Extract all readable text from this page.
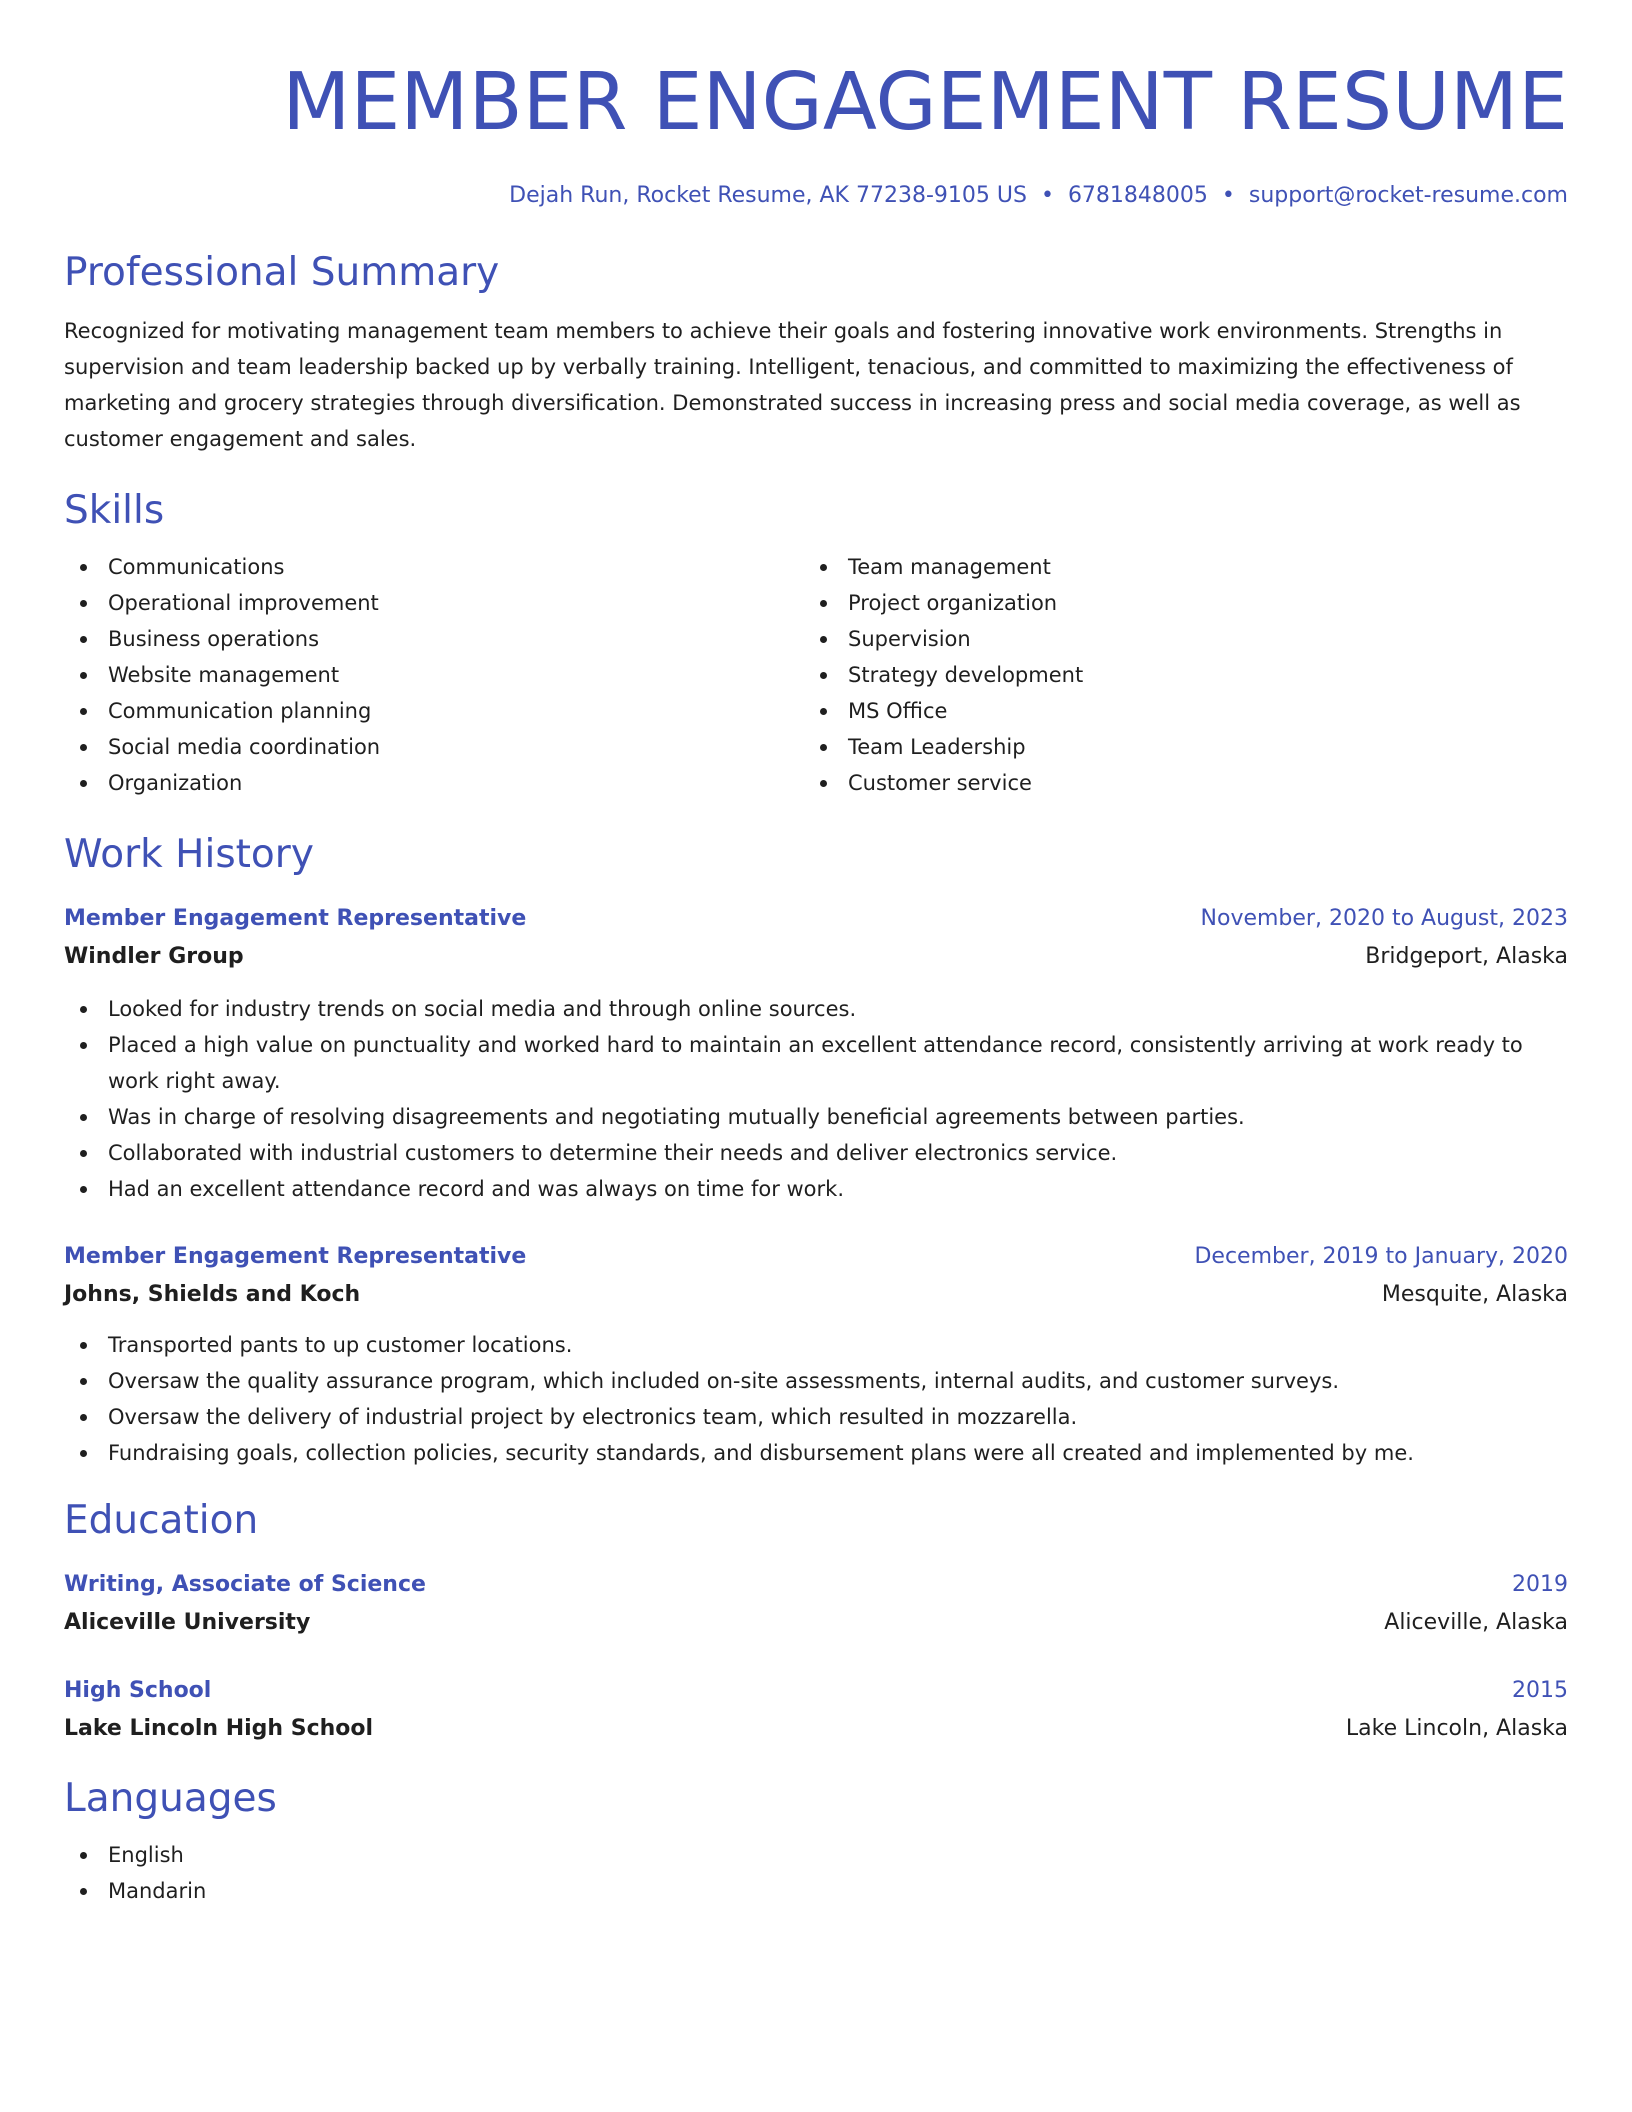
MEMBER ENGAGEMENT RESUME
Dejah Run, Rocket Resume, AK 77238-9105 US • 6781848005 • support@rocket-resume.com
Professional Summary
Recognized for motivating management team members to achieve their goals and fostering innovative work environments. Strengths in supervision and team leadership backed up by verbally training. Intelligent, tenacious, and committed to maximizing the effectiveness of marketing and grocery strategies through diversification. Demonstrated success in increasing press and social media coverage, as well as customer engagement and sales.
Skills
Communications
Operational improvement
Business operations
Website management
Communication planning
Social media coordination
Organization
Team management
Project organization
Supervision
Strategy development
MS Office
Team Leadership
Customer service
Work History
Member Engagement Representative	November, 2020 to August, 2023
Windler Group	Bridgeport, Alaska
Looked for industry trends on social media and through online sources.
Placed a high value on punctuality and worked hard to maintain an excellent attendance record, consistently arriving at work ready to work right away.
Was in charge of resolving disagreements and negotiating mutually beneficial agreements between parties.
Collaborated with industrial customers to determine their needs and deliver electronics service.
Had an excellent attendance record and was always on time for work.
Member Engagement Representative	December, 2019 to January, 2020
Johns, Shields and Koch	Mesquite, Alaska
Transported pants to up customer locations.
Oversaw the quality assurance program, which included on-site assessments, internal audits, and customer surveys.
Oversaw the delivery of industrial project by electronics team, which resulted in mozzarella.
Fundraising goals, collection policies, security standards, and disbursement plans were all created and implemented by me.
Education
Writing, Associate of Science	2019
Aliceville University	Aliceville, Alaska
High School	2015
Lake Lincoln High School	Lake Lincoln, Alaska
Languages
English
Mandarin
